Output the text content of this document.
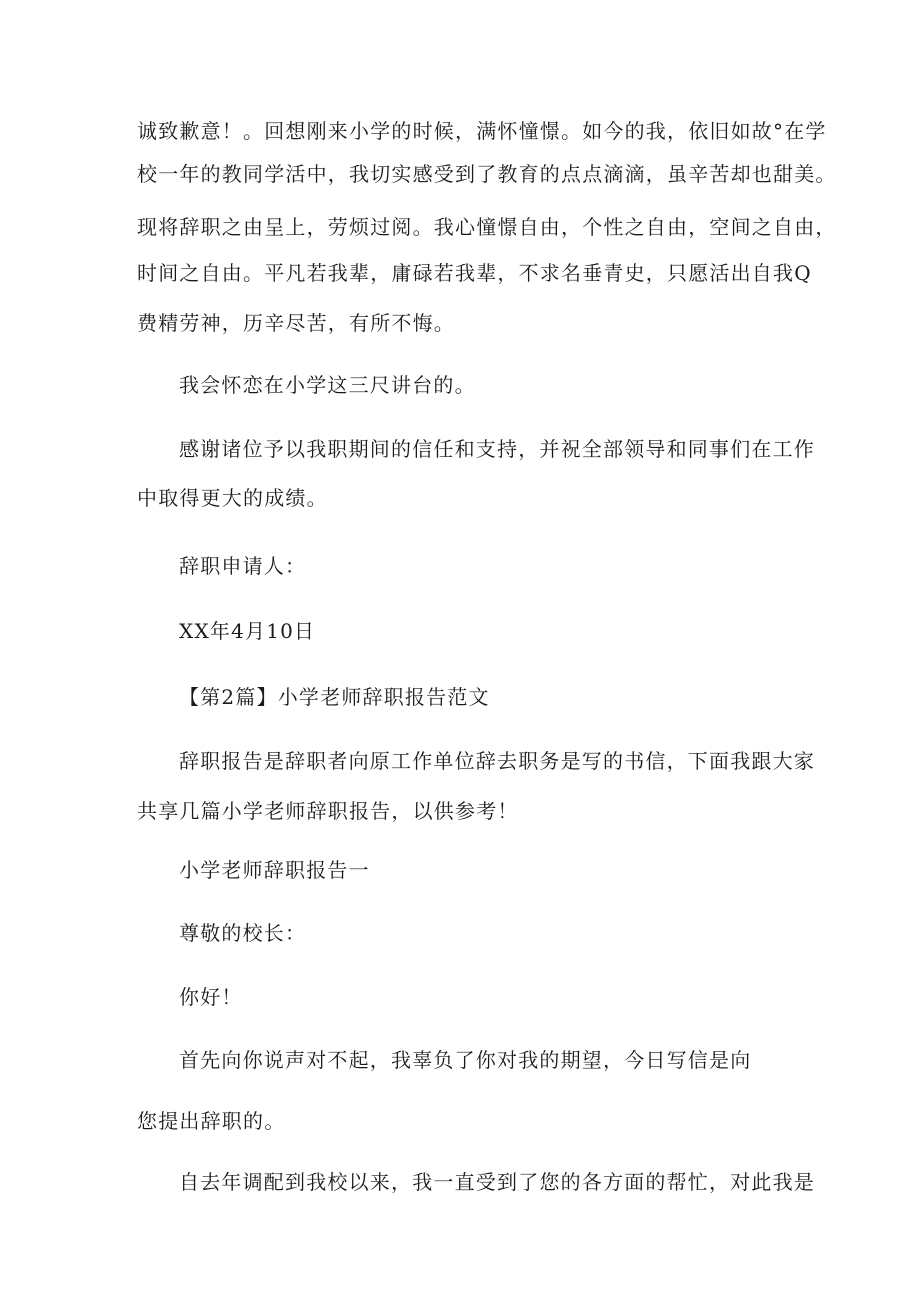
诚致歉意！。回想刚来小学的时候，满怀憧憬。如今的我，依旧如故°在学
校一年的教同学活中，我切实感受到了教育的点点滴滴，虽辛苦却也甜美。
现将辞职之由呈上，劳烦过阅。我心憧憬自由，个性之自由，空间之自由，
时间之自由。平凡若我辈，庸碌若我辈，不求名垂青史，只愿活出自我Q
费精劳神，历辛尽苦，有所不悔。
我会怀恋在小学这三尺讲台的。
感谢诸位予以我职期间的信任和支持，并祝全部领导和同事们在工作
中取得更大的成绩。
辞职申请人：
XX年4月10日
【第2篇】小学老师辞职报告范文
辞职报告是辞职者向原工作单位辞去职务是写的书信，下面我跟大家
共享几篇小学老师辞职报告，以供参考！
小学老师辞职报告一
尊敬的校长：
你好！
首先向你说声对不起，我辜负了你对我的期望，今日写信是向
您提出辞职的。
自去年调配到我校以来，我一直受到了您的各方面的帮忙，对此我是
